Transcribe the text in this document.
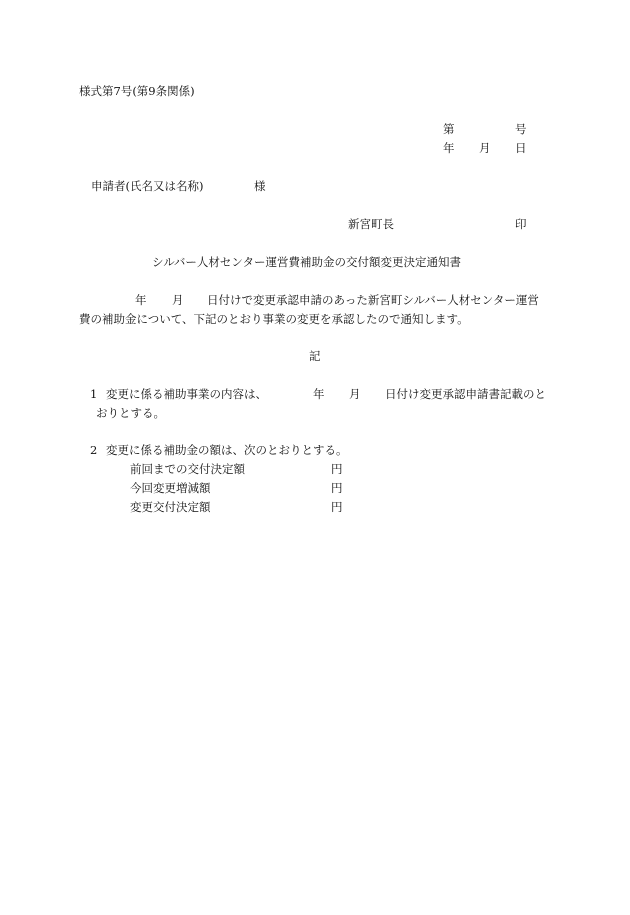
様式第7号(第9条関係)
第	号
年 月 日
申請者(氏名又は名称)	様
新宮町長	印
シルバー人材センター運営費補助金の交付額変更決定通知書
年 月 日付けで変更承認申請のあった新宮町シルバー人材センター運営
費の補助金について、下記のとおり事業の変更を承認したので通知します。
記
1 変更に係る補助事業の内容は、	年 月 日付け変更承認申請書記載のと
おりとする。
2 変更に係る補助金の額は、次のとおりとする。
前回までの交付決定額	円
今回変更増減額	円
変更交付決定額	円
